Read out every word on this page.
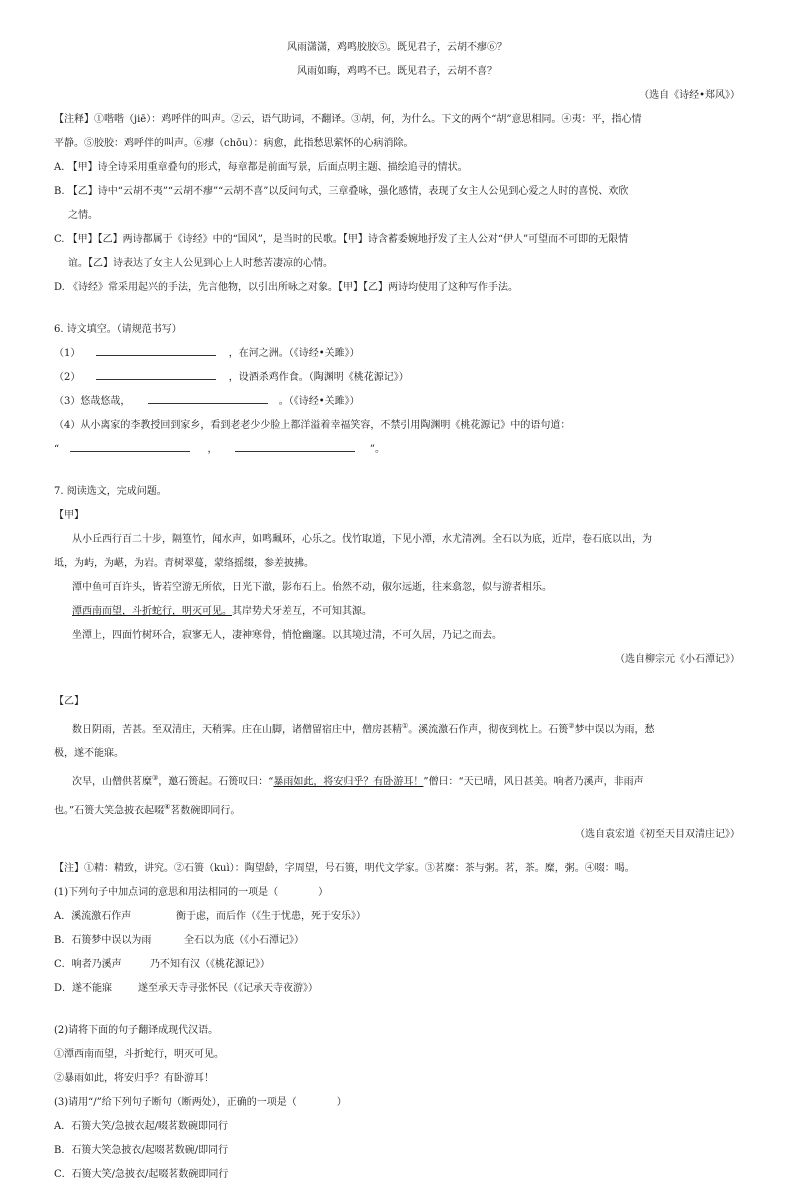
风雨潇潇，鸡鸣胶胶⑤。既见君子，云胡不瘳⑥？
风雨如晦，鸡鸣不已。既见君子，云胡不喜？
（选自《诗经•郑风》）
【注释】①喈喈（jiē）：鸡呼伴的叫声。②云，语气助词，不翻译。③胡，何，为什么。下文的两个“胡”意思相同。④夷：平，指心情
平静。⑤胶胶：鸡呼伴的叫声。⑥瘳（chōu）：病愈，此指愁思萦怀的心病消除。
A. 【甲】诗全诗采用重章叠句的形式，每章都是前面写景，后面点明主题、描绘追寻的情状。
B. 【乙】诗中“云胡不夷”“云胡不瘳”“云胡不喜”以反问句式，三章叠咏，强化感情，表现了女主人公见到心爱之人时的喜悦、欢欣
之情。
C. 【甲】【乙】两诗都属于《诗经》中的“国风”，是当时的民歌。【甲】诗含蓄委婉地抒发了主人公对“伊人”可望而不可即的无限情
谊。【乙】诗表达了女主人公见到心上人时愁苦凄凉的心情。
D. 《诗经》常采用起兴的手法，先言他物，以引出所咏之对象。【甲】【乙】两诗均使用了这种写作手法。
6. 诗文填空。（请规范书写）
（1）	，在河之洲。（《诗经•关雎》）
（2）	，设酒杀鸡作食。（陶渊明《桃花源记》）
（3）悠哉悠哉，	。（《诗经•关雎》）
（4）从小离家的李教授回到家乡，看到老老少少脸上都洋溢着幸福笑容，不禁引用陶渊明《桃花源记》中的语句道：
“	，	”。
7. 阅读选文，完成问题。
【甲】
从小丘西行百二十步，隔篁竹，闻水声，如鸣珮环，心乐之。伐竹取道，下见小潭，水尤清冽。全石以为底，近岸，卷石底以出，为
坻，为屿，为嵁，为岩。青树翠蔓，蒙络摇缀，参差披拂。
潭中鱼可百许头，皆若空游无所依，日光下澈，影布石上。佁然不动，俶尔远逝，往来翕忽，似与游者相乐。
潭西南而望，斗折蛇行，明灭可见。其岸势犬牙差互，不可知其源。
坐潭上，四面竹树环合，寂寥无人，凄神寒骨，悄怆幽邃。以其境过清，不可久居，乃记之而去。
（选自柳宗元《小石潭记》）
【乙】
数日阴雨，苦甚。至双清庄，天稍霁。庄在山脚，诸僧留宿庄中，僧房甚精①。溪流激石作声，彻夜到枕上。石篑②梦中误以为雨，愁
极，遂不能寐。
次早，山僧供茗糜③，邀石篑起。石篑叹曰：“暴雨如此，将安归乎？有卧游耳！”僧曰：“天已晴，风日甚美。响者乃溪声，非雨声
也。”石篑大笑急披衣起啜④茗数碗即同行。
（选自袁宏道《初至天目双清庄记》）
【注】①精：精致，讲究。②石篑（kuì）：陶望龄，字周望，号石篑，明代文学家。③茗糜：茶与粥。茗，茶。糜，粥。④啜：喝。
(1)下列句子中加点词的意思和用法相同的一项是（　　　　）
A．溪流激石作声	衡于虑，而后作（《生于忧患，死于安乐》）
B．石篑梦中误以为雨	全石以为底（《小石潭记》）
C．响者乃溪声	乃不知有汉（《桃花源记》）
D．遂不能寐	遂至承天寺寻张怀民（《记承天寺夜游》）
(2)请将下面的句子翻译成现代汉语。
①潭西南而望，斗折蛇行，明灭可见。
②暴雨如此，将安归乎？有卧游耳！
(3)请用“/”给下列句子断句（断两处），正确的一项是（　　　　）
A．石篑大笑/急披衣起/啜茗数碗即同行
B．石篑大笑急披衣/起啜茗数碗/即同行
C．石篑大笑/急披衣/起啜茗数碗即同行
